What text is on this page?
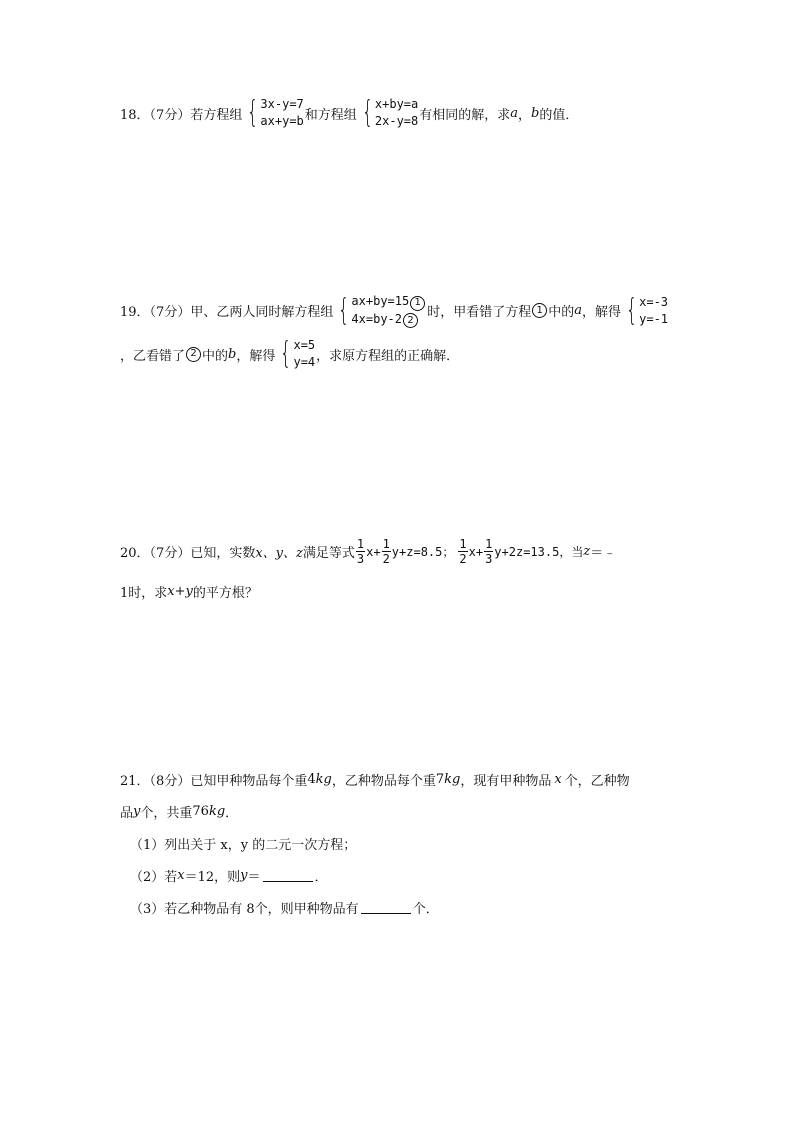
18．（7分）若方程组 { 3x-y=7
ax+y=b 和方程组 { x+by=a
2x-y=8 有相同的解，求 a ， b 的值．
19．（7分）甲、乙两人同时解方程组 { ax+by=15 1
4x=by-2 2	时，甲看错了方程 1 中的 a ，解得 { x=-3
y=-1
，乙看错了 2 中的 b ，解得 { x=5
y=4 ，求原方程组的正确解．
20．（7分）已知，实数 x、y、z 满足等式 $\frac{1}{3} x+ \frac{1}{2} y+z=8.5$； $\frac{1}{2} x+ \frac{1}{3} y+2z=13.5$，当 z ＝﹣
1时，求 x+y 的平方根？
21．（8分）已知甲种物品每个重 4 kg ，乙种物品每个重 7 kg ，现有甲种物品 x 个，乙种物
品 y 个，共重 76 kg ．
（1）列出关于 x，y 的二元一次方程；
（2）若 x ＝12，则 y ＝	．
（3）若乙种物品有 8个，则甲种物品有	个．
